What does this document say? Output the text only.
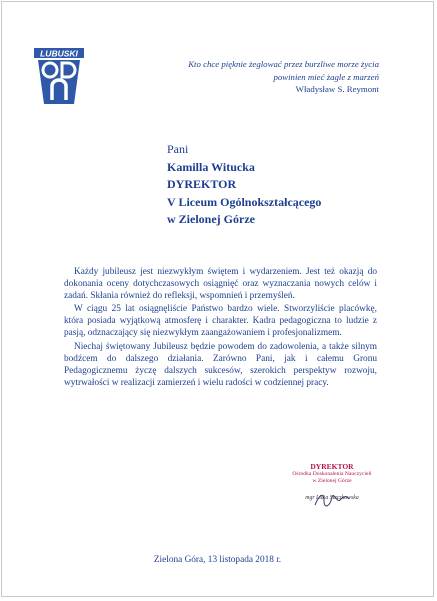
LUBUSKI
Kto chce pięknie żeglować przez burzliwe morze życia
powinien mieć żagle z marzeń
Władysław S. Reymont
Pani
Kamilla Witucka
DYREKTOR
V Liceum Ogólnokształcącego
w Zielonej Górze

Każdy jubileusz jest niezwykłym świętem i wydarzeniem. Jest też okazją do dokonania oceny dotychczasowych osiągnięć oraz wyznaczania nowych celów i zadań. Skłania również do refleksji, wspomnień i przemyśleń.

W ciągu 25 lat osiągnęliście Państwo bardzo wiele. Stworzyliście placówkę, która posiada wyjątkową atmosferę i charakter. Kadra pedagogiczna to ludzie z pasją, odznaczający się niezwykłym zaangażowaniem i profesjonalizmem.

Niechaj świętowany Jubileusz będzie powodem do zadowolenia, a także silnym bodźcem do dalszego działania. Zarówno Pani, jak i całemu Gronu Pedagogicznemu życzę dalszych sukcesów, szerokich perspektyw rozwoju, wytrwałości w realizacji zamierzeń i wielu radości w codziennej pracy.

DYREKTOR
Ośrodka Doskonalenia Nauczycieli
w Zielonej Górze
mgr Lidia Sieczkowska
Zielona Góra, 13 listopada 2018 r.
